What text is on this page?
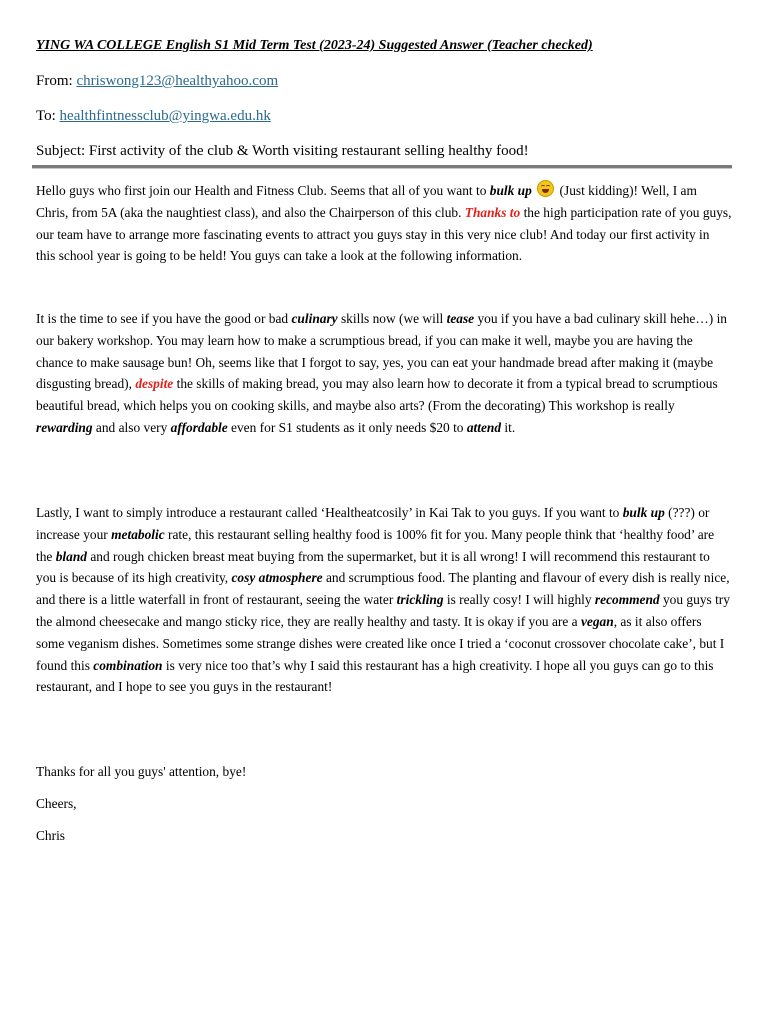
YING WA COLLEGE English S1 Mid Term Test (2023-24) Suggested Answer (Teacher checked)
From: chriswong123@healthyahoo.com
To: healthfintnessclub@yingwa.edu.hk
Subject: First activity of the club & Worth visiting restaurant selling healthy food!
Hello guys who first join our Health and Fitness Club. Seems that all of you want to bulk up
(Just kidding)! Well, I am Chris, from 5A (aka the naughtiest class), and also the Chairperson of this club. Thanks to the high participation rate of you guys, our team have to arrange more fascinating events to attract you guys stay in this very nice club! And today our first activity in this school year is going to be held! You guys can take a look at the following information.
It is the time to see if you have the good or bad culinary skills now (we will tease you if you have a bad culinary skill hehe…) in our bakery workshop. You may learn how to make a scrumptious bread, if you can make it well, maybe you are having the chance to make sausage bun! Oh, seems like that I forgot to say, yes, you can eat your handmade bread after making it (maybe disgusting bread), despite the skills of making bread, you may also learn how to decorate it from a typical bread to scrumptious beautiful bread, which helps you on cooking skills, and maybe also arts? (From the decorating) This workshop is really rewarding and also very affordable even for S1 students as it only needs $20 to attend it.
Lastly, I want to simply introduce a restaurant called ‘Healtheatcosily’ in Kai Tak to you guys. If you want to bulk up (???) or increase your metabolic rate, this restaurant selling healthy food is 100% fit for you. Many people think that ‘healthy food’ are the bland and rough chicken breast meat buying from the supermarket, but it is all wrong! I will recommend this restaurant to you is because of its high creativity, cosy atmosphere and scrumptious food. The planting and flavour of every dish is really nice, and there is a little waterfall in front of restaurant, seeing the water trickling is really cosy! I will highly recommend you guys try the almond cheesecake and mango sticky rice, they are really healthy and tasty. It is okay if you are a vegan, as it also offers some veganism dishes. Sometimes some strange dishes were created like once I tried a ‘coconut crossover chocolate cake’, but I found this combination is very nice too that’s why I said this restaurant has a high creativity. I hope all you guys can go to this restaurant, and I hope to see you guys in the restaurant!
Thanks for all you guys' attention, bye!
Cheers,
Chris
